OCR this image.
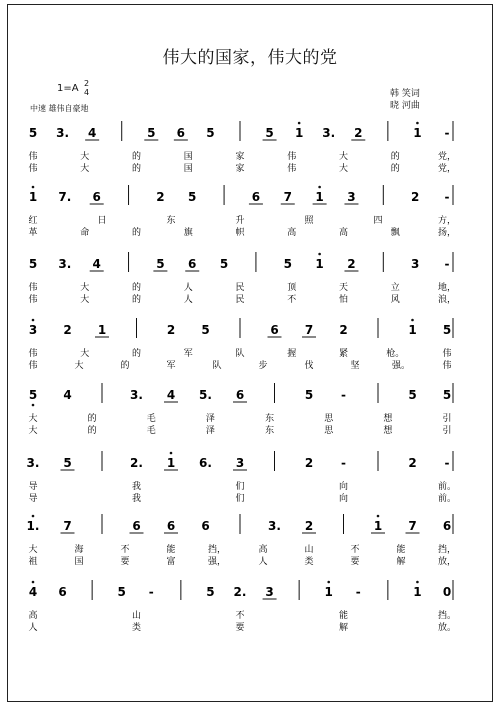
伟大的国家，伟大的党
1=A 2
4
中速 雄伟自豪地
韩 笑词
晓 河曲
5 3. 4	5 6 5	5 1 3. 2	1 -
伟	大	的	国	家	伟	大	的	党，
伟	大	的	国	家	伟	大	的	党，
1 7. 6	2 5	6 7 1 3	2 -
红	日	东	升	照	四	方，
革	命	的	旗	帜	高	高	飘	扬，
5 3. 4	5 6 5	5 1 2	3 -
伟	大	的	人	民	顶	天	立	地，
伟	大	的	人	民	不	怕	风	浪，
3 2 1	2 5	6 7 2	1 5
伟	大	的	军	队	握	紧	枪。	伟
伟	大	的	军	队	步	伐	坚	强。	伟
5 4	3. 4 5. 6	5 -	5 5
大	的	毛	泽	东	思	想	引
大	的	毛	泽	东	思	想	引
3. 5	2. 1 6. 3	2 -	2 -
导	我	们	向	前。
导	我	们	向	前。
1. 7	6 6 6	3. 2	1 7 6
大	海	不	能	挡，	高	山	不	能	挡，
祖	国	要	富	强，	人	类	要	解	放，
4 6	5 -	5 2. 3	1 -	1 0
高	山	不	能	挡。
人	类	要	解	放。
